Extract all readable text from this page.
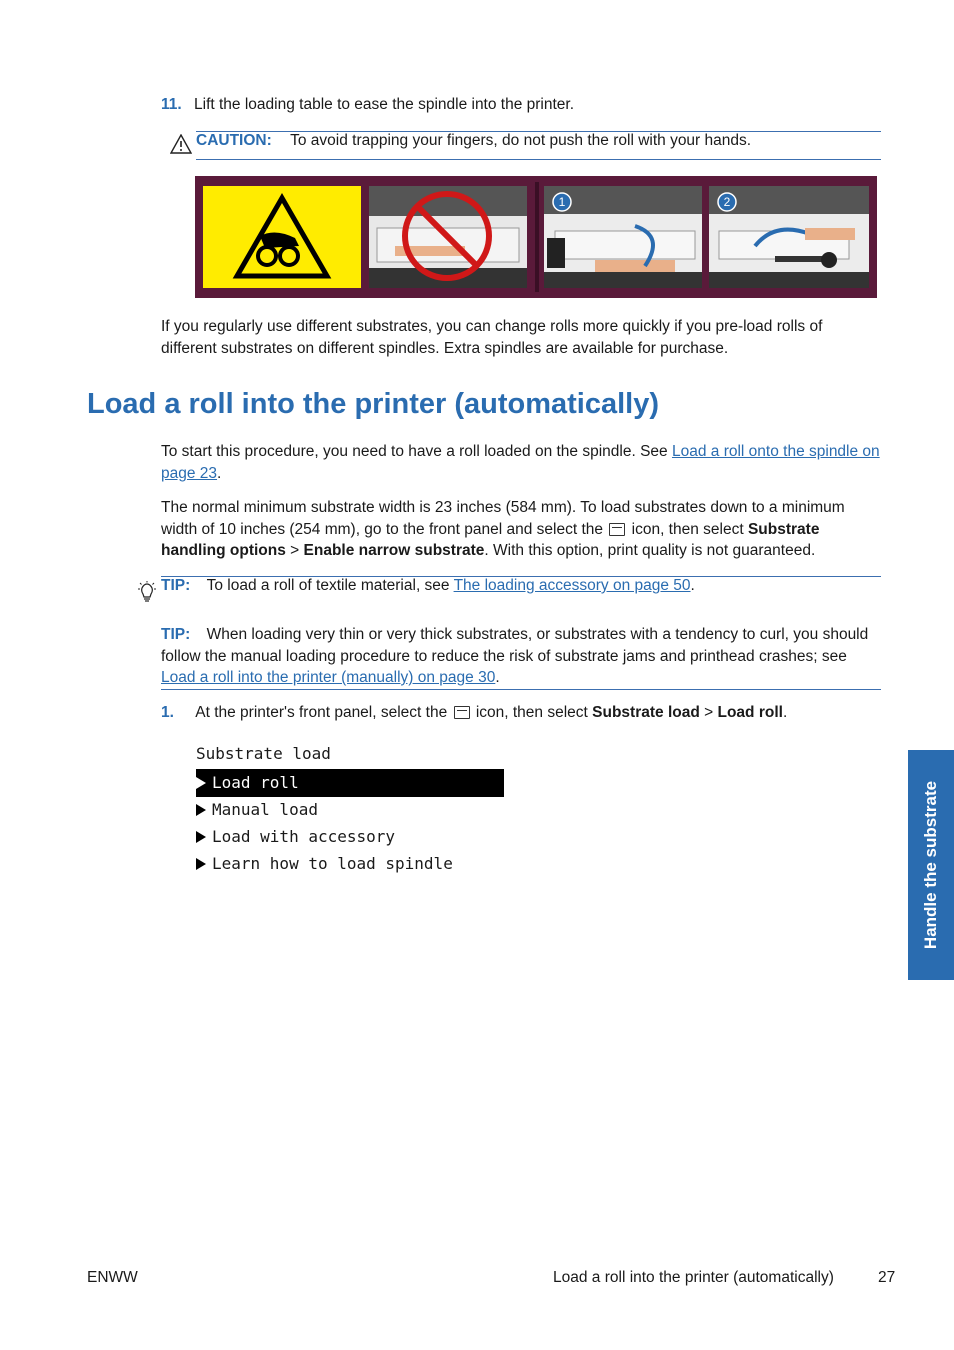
11. Lift the loading table to ease the spindle into the printer.
CAUTION: To avoid trapping your fingers, do not push the roll with your hands.
1	2
If you regularly use different substrates, you can change rolls more quickly if you pre-load rolls of different substrates on different spindles. Extra spindles are available for purchase.
Load a roll into the printer (automatically)
To start this procedure, you need to have a roll loaded on the spindle. See Load a roll onto the spindle on page 23.
The normal minimum substrate width is 23 inches (584 mm). To load substrates down to a minimum width of 10 inches (254 mm), go to the front panel and select the  icon, then select Substrate handling options > Enable narrow substrate. With this option, print quality is not guaranteed.
TIP: To load a roll of textile material, see The loading accessory on page 50.
TIP: When loading very thin or very thick substrates, or substrates with a tendency to curl, you should follow the manual loading procedure to reduce the risk of substrate jams and printhead crashes; see Load a roll into the printer (manually) on page 30.
1. At the printer's front panel, select the  icon, then select Substrate load > Load roll.
Substrate load
Load roll
Manual load
Load with accessory
Learn how to load spindle	Handle the substrate
ENWW	Load a roll into the printer (automatically)	27
